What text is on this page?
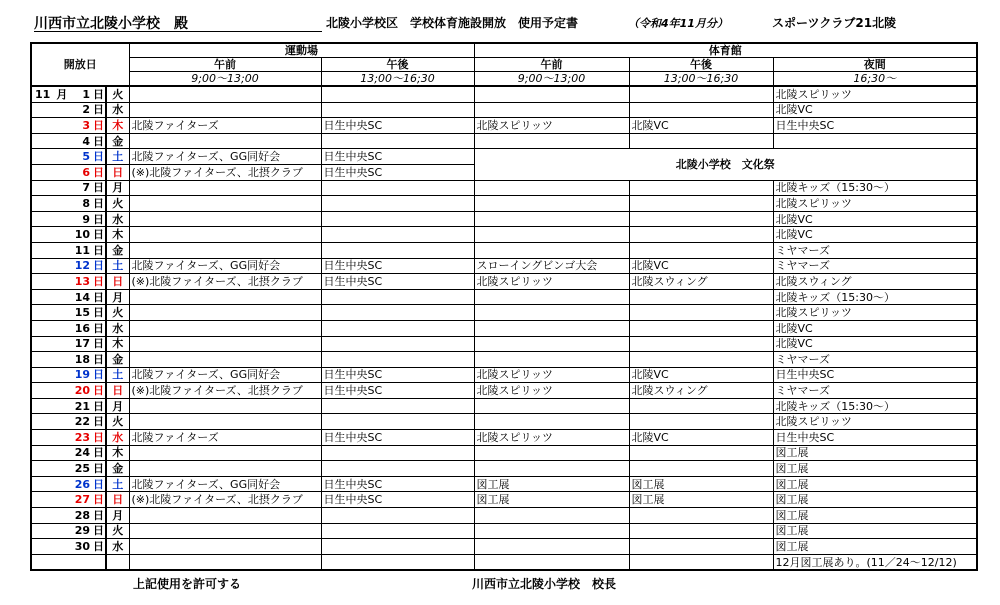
川西市立北陵小学校　殿	北陵小学校区　学校体育施設開放　使用予定書	（令和4年11月分）	スポーツクラブ21北陵
開放日				運動場		体育館		
				午前	午後	午前	午後	夜間
				9;00～13;00	13;00～16;30	9;00～13;00	13;00～16;30	16;30～
11 月	1	日	火					北陵スピリッツ
	2	日	水					北陵VC
	3	日	木	北陵ファイターズ	日生中央SC	北陵スピリッツ	北陵VC	日生中央SC
	4	日	金					
	5	日	土	北陵ファイターズ、GG同好会	日生中央SC	北陵小学校　文化祭		
	6	日	日	(※)北陵ファイターズ、北摂クラブ	日生中央SC			
	7	日	月					北陵キッズ（15:30～）
	8	日	火					北陵スピリッツ
	9	日	水					北陵VC
	10	日	木					北陵VC
	11	日	金					ミヤマーズ
	12	日	土	北陵ファイターズ、GG同好会	日生中央SC	スローイングビンゴ大会	北陵VC	ミヤマーズ
	13	日	日	(※)北陵ファイターズ、北摂クラブ	日生中央SC	北陵スピリッツ	北陵スウィング	北陵スウィング
	14	日	月					北陵キッズ（15:30～）
	15	日	火					北陵スピリッツ
	16	日	水					北陵VC
	17	日	木					北陵VC
	18	日	金					ミヤマーズ
	19	日	土	北陵ファイターズ、GG同好会	日生中央SC	北陵スピリッツ	北陵VC	日生中央SC
	20	日	日	(※)北陵ファイターズ、北摂クラブ	日生中央SC	北陵スピリッツ	北陵スウィング	ミヤマーズ
	21	日	月					北陵キッズ（15:30～）
	22	日	火					北陵スピリッツ
	23	日	水	北陵ファイターズ	日生中央SC	北陵スピリッツ	北陵VC	日生中央SC
	24	日	木					図工展
	25	日	金					図工展
	26	日	土	北陵ファイターズ、GG同好会	日生中央SC	図工展	図工展	図工展
	27	日	日	(※)北陵ファイターズ、北摂クラブ	日生中央SC	図工展	図工展	図工展
	28	日	月					図工展
	29	日	火					図工展
	30	日	水					図工展
								12月図工展あり。(11／24～12/12)
上記使用を許可する	川西市立北陵小学校　校長
